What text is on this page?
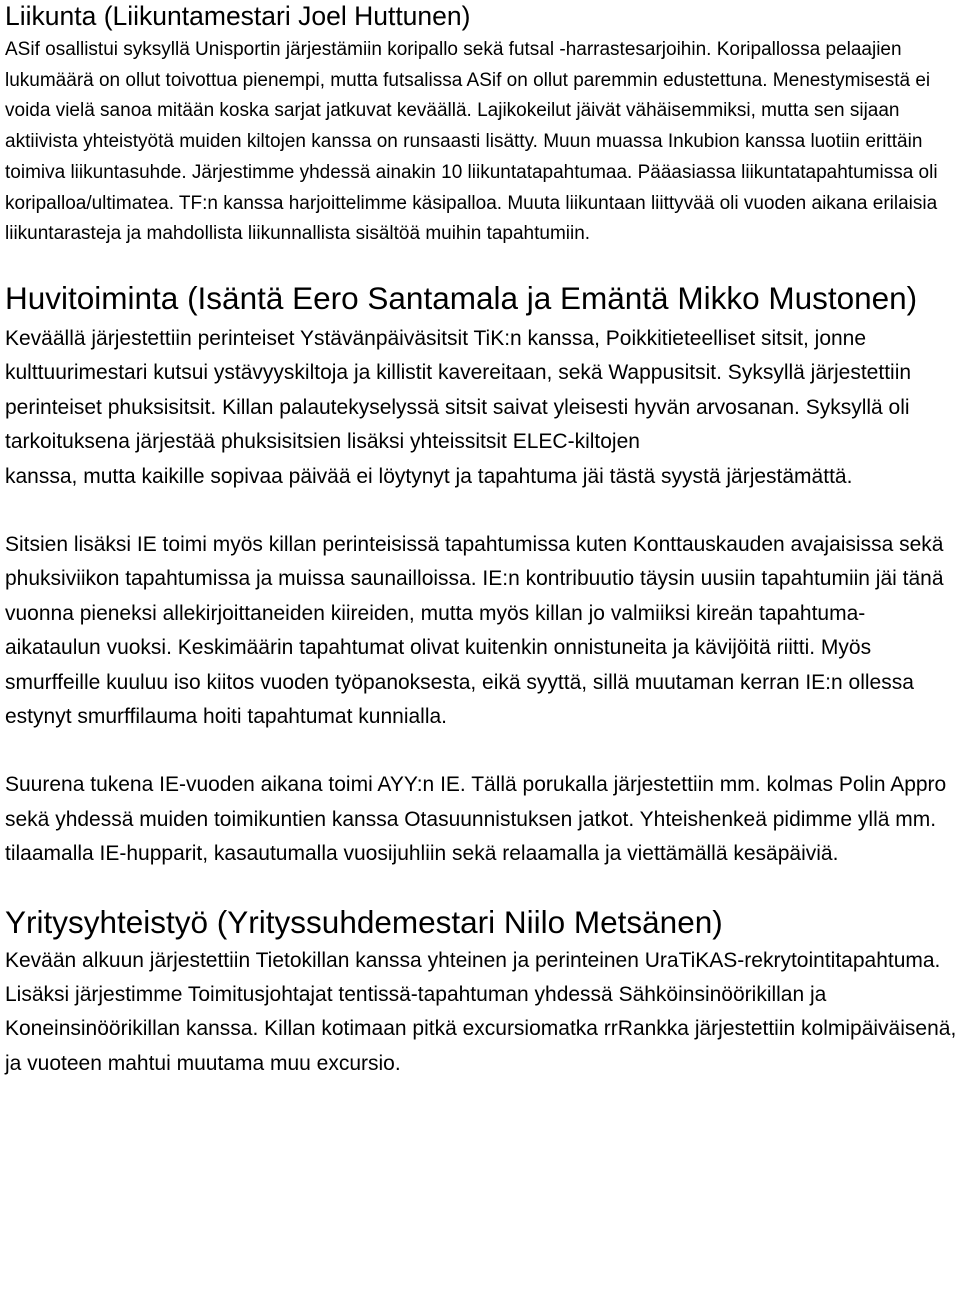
Liikunta (Liikuntamestari Joel Huttunen)

ASif osallistui syksyllä Unisportin järjestämiin koripallo sekä futsal -harrastesarjoihin. Koripallossa pelaajien lukumäärä on ollut toivottua pienempi, mutta futsalissa ASif on ollut paremmin edustettuna. Menestymisestä ei voida vielä sanoa mitään koska sarjat jatkuvat keväällä. Lajikokeilut jäivät vähäisemmiksi, mutta sen sijaan aktiivista yhteistyötä muiden kiltojen kanssa on runsaasti lisätty. Muun muassa Inkubion kanssa luotiin erittäin toimiva liikuntasuhde. Järjestimme yhdessä ainakin 10 liikuntatapahtumaa. Pääasiassa liikuntatapahtumissa oli koripalloa/ultimatea. TF:n kanssa harjoittelimme käsipalloa. Muuta liikuntaan liittyvää oli vuoden aikana erilaisia liikuntarasteja ja mahdollista liikunnallista sisältöä muihin tapahtumiin.

Huvitoiminta (Isäntä Eero Santamala ja Emäntä Mikko Mustonen)

Keväällä järjestettiin perinteiset Ystävänpäiväsitsit TiK:n kanssa, Poikkitieteelliset sitsit, jonne kulttuurimestari kutsui ystävyyskiltoja ja killistit kavereitaan, sekä Wappusitsit. Syksyllä järjestettiin perinteiset phuksisitsit. Killan palautekyselyssä sitsit saivat yleisesti hyvän arvosanan. Syksyllä oli tarkoituksena järjestää phuksisitsien lisäksi yhteissitsit ELEC-kiltojen

kanssa, mutta kaikille sopivaa päivää ei löytynyt ja tapahtuma jäi tästä syystä järjestämättä.

Sitsien lisäksi IE toimi myös killan perinteisissä tapahtumissa kuten Konttauskauden avajaisissa sekä phuksiviikon tapahtumissa ja muissa saunailloissa. IE:n kontribuutio täysin uusiin tapahtumiin jäi tänä vuonna pieneksi allekirjoittaneiden kiireiden, mutta myös killan jo valmiiksi kireän tapahtuma-aikataulun vuoksi. Keskimäärin tapahtumat olivat kuitenkin onnistuneita ja kävijöitä riitti. Myös smurffeille kuuluu iso kiitos vuoden työpanoksesta, eikä syyttä, sillä muutaman kerran IE:n ollessa estynyt smurffilauma hoiti tapahtumat kunnialla.

Suurena tukena IE-vuoden aikana toimi AYY:n IE. Tällä porukalla järjestettiin mm. kolmas Polin Appro sekä yhdessä muiden toimikuntien kanssa Otasuunnistuksen jatkot. Yhteishenkeä pidimme yllä mm. tilaamalla IE-hupparit, kasautumalla vuosijuhliin sekä relaamalla ja viettämällä kesäpäiviä.

Yritysyhteistyö (Yrityssuhdemestari Niilo Metsänen)

Kevään alkuun järjestettiin Tietokillan kanssa yhteinen ja perinteinen UraTiKAS-rekrytointitapahtuma. Lisäksi järjestimme Toimitusjohtajat tentissä-tapahtuman yhdessä Sähköinsinöörikillan ja Koneinsinöörikillan kanssa. Killan kotimaan pitkä excursiomatka rrRankka järjestettiin kolmipäiväisenä, ja vuoteen mahtui muutama muu excursio.
